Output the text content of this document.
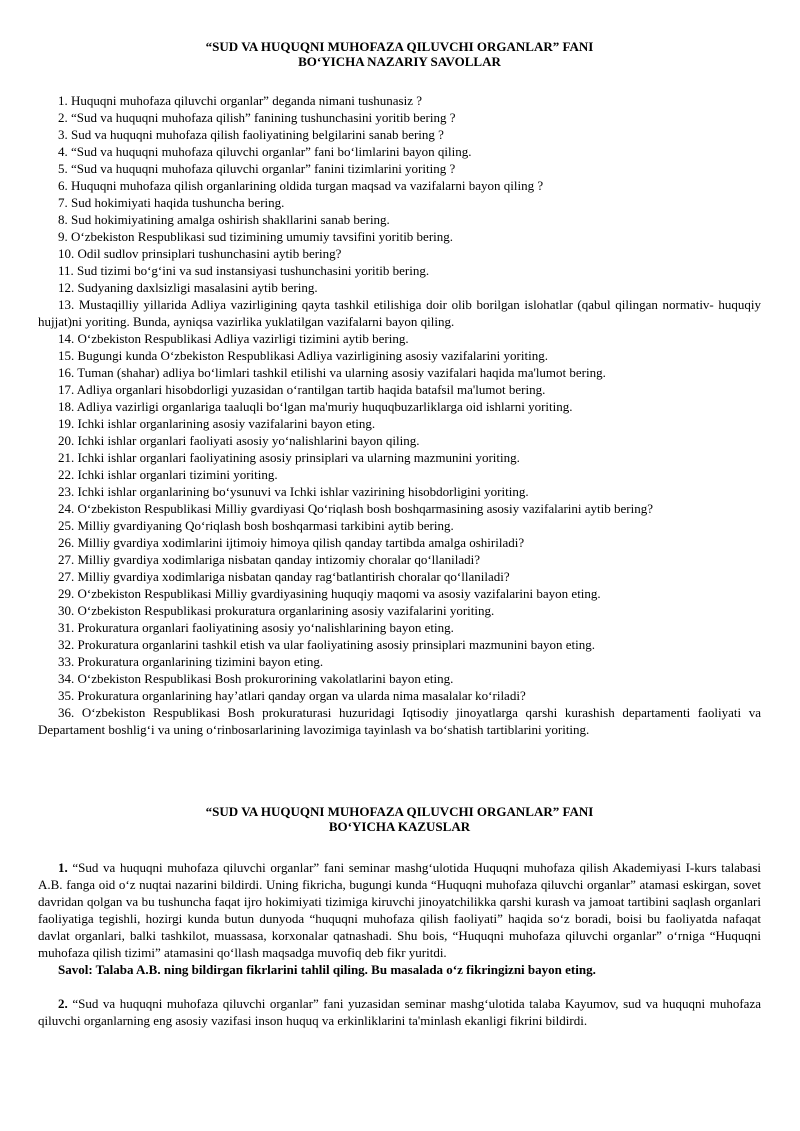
“SUD VA HUQUQNI MUHOFAZA QILUVCHI ORGANLAR” FANI

BO‘YICHA NAZARIY SAVOLLAR

1. Huquqni muhofaza qiluvchi organlar” deganda nimani tushunasiz ?

2. “Sud va huquqni muhofaza qilish” fanining tushunchasini yoritib bering ?

3. Sud va huquqni muhofaza qilish faoliyatining belgilarini sanab bering ?

4. “Sud va huquqni muhofaza qiluvchi organlar” fani bo‘limlarini bayon qiling.

5. “Sud va huquqni muhofaza qiluvchi organlar” fanini tizimlarini yoriting ?

6. Huquqni muhofaza qilish organlarining oldida turgan maqsad va vazifalarni bayon qiling ?

7. Sud hokimiyati haqida tushuncha bering.

8. Sud hokimiyatining amalga oshirish shakllarini sanab bering.

9. O‘zbekiston Respublikasi sud tizimining umumiy tavsifini yoritib bering.

10. Odil sudlov prinsiplari tushunchasini aytib bering?

11. Sud tizimi bo‘g‘ini va sud instansiyasi tushunchasini yoritib bering.

12. Sudyaning daxlsizligi masalasini aytib bering.

13. Mustaqilliy yillarida Adliya vazirligining qayta tashkil etilishiga doir olib borilgan islohatlar (qabul qilingan normativ- huquqiy hujjat)ni yoriting. Bunda, ayniqsa vazirlika yuklatilgan vazifalarni bayon qiling.

14. O‘zbekiston Respublikasi Adliya vazirligi tizimini aytib bering.

15. Bugungi kunda O‘zbekiston Respublikasi Adliya vazirligining asosiy vazifalarini yoriting.

16. Tuman (shahar) adliya bo‘limlari tashkil etilishi va ularning asosiy vazifalari haqida ma'lumot bering.

17. Adliya organlari hisobdorligi yuzasidan o‘rantilgan tartib haqida batafsil ma'lumot bering.

18. Adliya vazirligi organlariga taaluqli bo‘lgan ma'muriy huquqbuzarliklarga oid ishlarni yoriting.

19. Ichki ishlar organlarining asosiy vazifalarini bayon eting.

20. Ichki ishlar organlari faoliyati asosiy yo‘nalishlarini bayon qiling.

21. Ichki ishlar organlari faoliyatining asosiy prinsiplari va ularning mazmunini yoriting.

22. Ichki ishlar organlari tizimini yoriting.

23. Ichki ishlar organlarining bo‘ysunuvi va Ichki ishlar vazirining hisobdorligini yoriting.

24. O‘zbekiston Respublikasi Milliy gvardiyasi Qo‘riqlash bosh boshqarmasining asosiy vazifalarini aytib bering?

25. Milliy gvardiyaning Qo‘riqlash bosh boshqarmasi tarkibini aytib bering.

26. Milliy gvardiya xodimlarini ijtimoiy himoya qilish qanday tartibda amalga oshiriladi?

27. Milliy gvardiya xodimlariga nisbatan qanday intizomiy choralar qo‘llaniladi?

27. Milliy gvardiya xodimlariga nisbatan qanday rag‘batlantirish choralar qo‘llaniladi?

29. O‘zbekiston Respublikasi Milliy gvardiyasining huquqiy maqomi va asosiy vazifalarini bayon eting.

30. O‘zbekiston Respublikasi prokuratura organlarining asosiy vazifalarini yoriting.

31. Prokuratura organlari faoliyatining asosiy yo‘nalishlarining bayon eting.

32. Prokuratura organlarini tashkil etish va ular faoliyatining asosiy prinsiplari mazmunini bayon eting.

33. Prokuratura organlarining tizimini bayon eting.

34. O‘zbekiston Respublikasi Bosh prokurorining vakolatlarini bayon eting.

35. Prokuratura organlarining hay’atlari qanday organ va ularda nima masalalar ko‘riladi?

36. O‘zbekiston Respublikasi Bosh prokuraturasi huzuridagi Iqtisodiy jinoyatlarga qarshi kurashish departamenti faoliyati va Departament boshlig‘i va uning o‘rinbosarlarining lavozimiga tayinlash va bo‘shatish tartiblarini yoriting.

“SUD VA HUQUQNI MUHOFAZA QILUVCHI ORGANLAR” FANI

BO‘YICHA KAZUSLAR

1. “Sud va huquqni muhofaza qiluvchi organlar” fani seminar mashg‘ulotida Huquqni muhofaza qilish Akademiyasi I-kurs talabasi A.B. fanga oid o‘z nuqtai nazarini bildirdi. Uning fikricha, bugungi kunda “Huquqni muhofaza qiluvchi organlar” atamasi eskirgan, sovet davridan qolgan va bu tushuncha faqat ijro hokimiyati tizimiga kiruvchi jinoyatchilikka qarshi kurash va jamoat tartibini saqlash organlari faoliyatiga tegishli, hozirgi kunda butun dunyoda “huquqni muhofaza qilish faoliyati” haqida so‘z boradi, boisi bu faoliyatda nafaqat davlat organlari, balki tashkilot, muassasa, korxonalar qatnashadi. Shu bois, “Huquqni muhofaza qiluvchi organlar” o‘rniga “Huquqni muhofaza qilish tizimi” atamasini qo‘llash maqsadga muvofiq deb fikr yuritdi.

Savol: Talaba A.B. ning bildirgan fikrlarini tahlil qiling. Bu masalada o‘z fikringizni bayon eting.

2. “Sud va huquqni muhofaza qiluvchi organlar” fani yuzasidan seminar mashg‘ulotida talaba Kayumov, sud va huquqni muhofaza qiluvchi organlarning eng asosiy vazifasi inson huquq va erkinliklarini ta'minlash ekanligi fikrini bildirdi.
